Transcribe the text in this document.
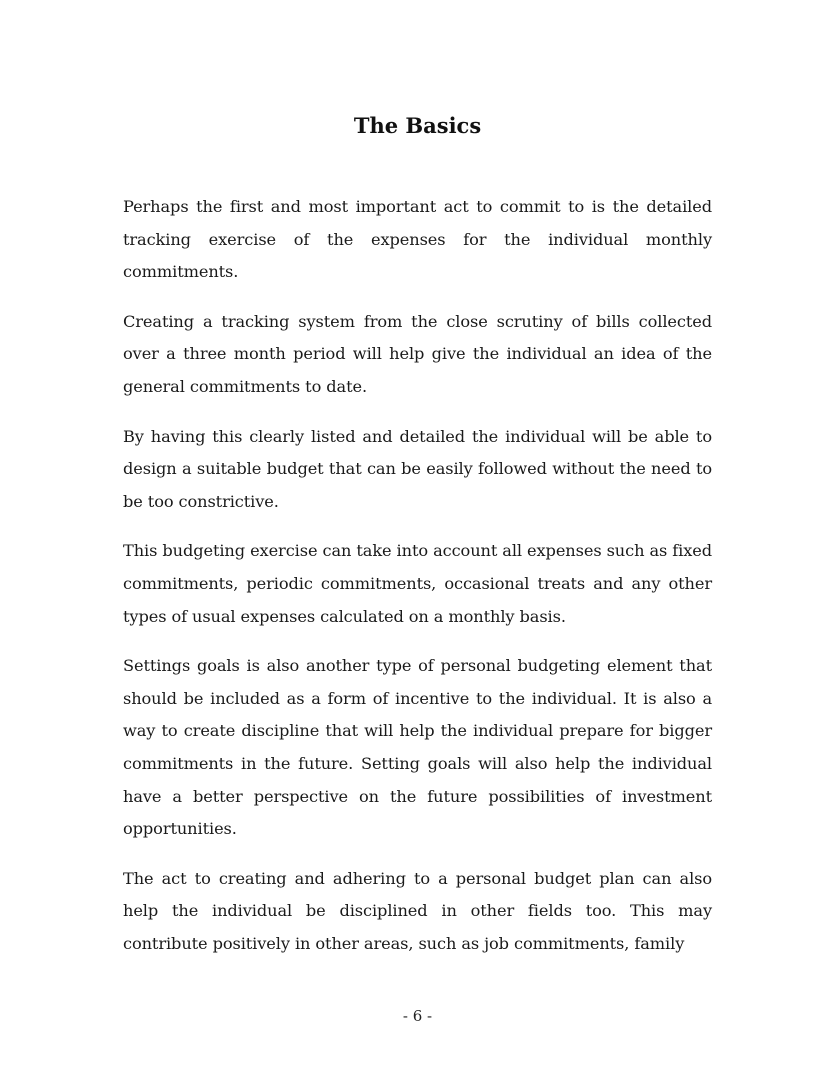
The Basics

Perhaps the first and most important act to commit to is the detailed tracking exercise of the expenses for the individual monthly commitments.

Creating a tracking system from the close scrutiny of bills collected over a three month period will help give the individual an idea of the general commitments to date.

By having this clearly listed and detailed the individual will be able to design a suitable budget that can be easily followed without the need to be too constrictive.

This budgeting exercise can take into account all expenses such as fixed commitments, periodic commitments, occasional treats and any other types of usual expenses calculated on a monthly basis.

Settings goals is also another type of personal budgeting element that should be included as a form of incentive to the individual. It is also a way to create discipline that will help the individual prepare for bigger commitments in the future. Setting goals will also help the individual have a better perspective on the future possibilities of investment opportunities.

The act to creating and adhering to a personal budget plan can also help the individual be disciplined in other fields too. This may contribute positively in other areas, such as job commitments, family

- 6 -
